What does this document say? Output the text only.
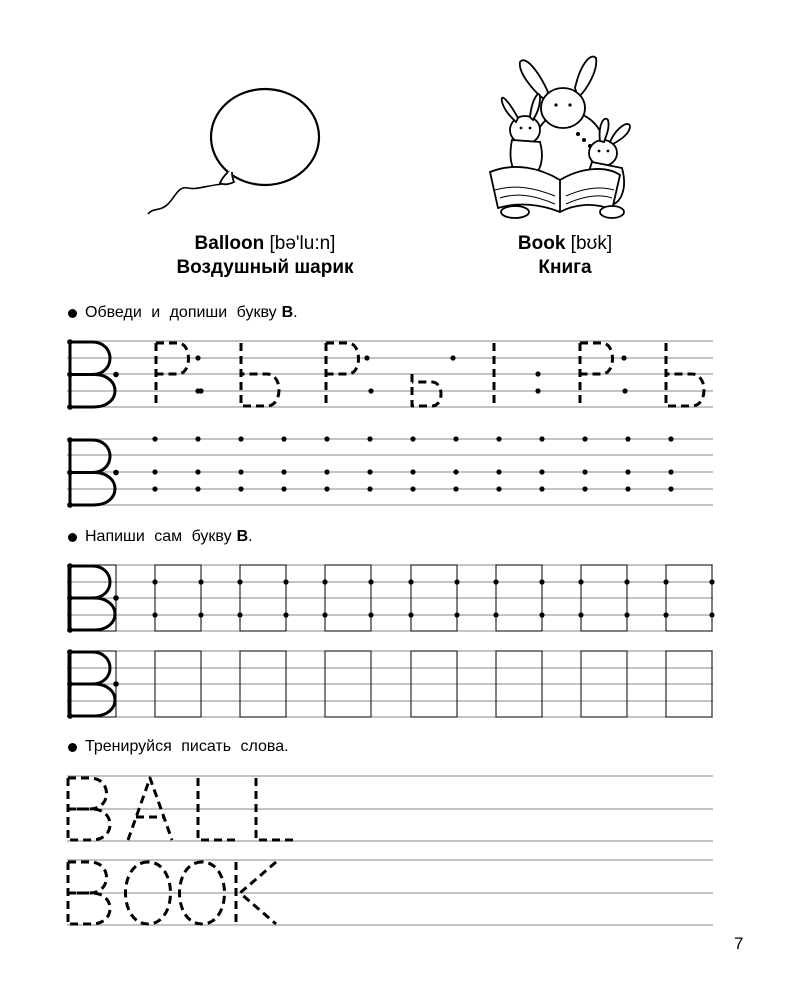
Balloon [bə'lu:n]
Воздушный шарик
Book [bʊk]
Книга
Обведи и допиши букву B .
Напиши сам букву B .
Тренируйся писать слова.
7
